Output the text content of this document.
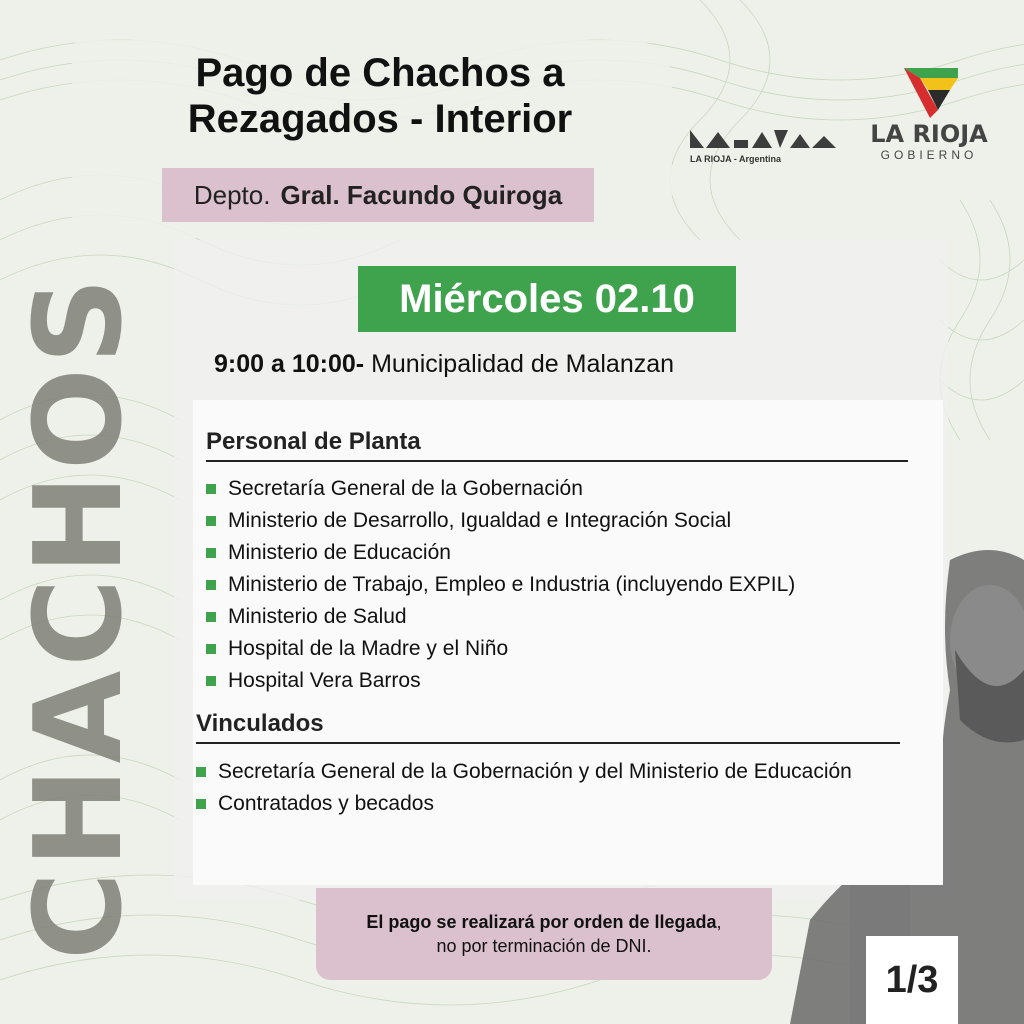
CHACHOS
Pago de Chachos a
Rezagados - Interior
Depto. Gral. Facundo Quiroga
LA RIOJA - Argentina
LA RIOJA
GOBIERNO
Miércoles 02.10
9:00 a 10:00- Municipalidad de Malanzan
Personal de Planta
Secretaría General de la Gobernación
Ministerio de Desarrollo, Igualdad e Integración Social
Ministerio de Educación
Ministerio de Trabajo, Empleo e Industria (incluyendo EXPIL)
Ministerio de Salud
Hospital de la Madre y el Niño
Hospital Vera Barros
Vinculados
Secretaría General de la Gobernación y del Ministerio de Educación
Contratados y becados

El pago se realizará por orden de llegada,

no por terminación de DNI.

1/3
